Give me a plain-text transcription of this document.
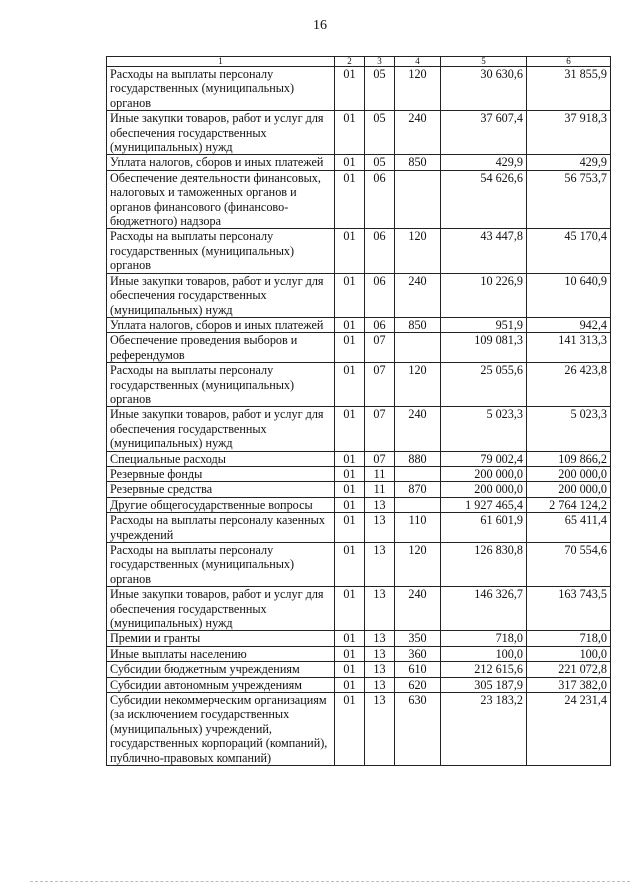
16
1	2	3	4	5	6
Расходы на выплаты персоналу государственных (муниципальных) органов	01	05	120	30 630,6	31 855,9
Иные закупки товаров, работ и услуг для обеспечения государственных (муниципальных) нужд	01	05	240	37 607,4	37 918,3
Уплата налогов, сборов и иных платежей	01	05	850	429,9	429,9
Обеспечение деятельности финансовых, налоговых и таможенных органов и органов финансового (финансово-бюджетного) надзора	01	06		54 626,6	56 753,7
Расходы на выплаты персоналу государственных (муниципальных) органов	01	06	120	43 447,8	45 170,4
Иные закупки товаров, работ и услуг для обеспечения государственных (муниципальных) нужд	01	06	240	10 226,9	10 640,9
Уплата налогов, сборов и иных платежей	01	06	850	951,9	942,4
Обеспечение проведения выборов и референдумов	01	07		109 081,3	141 313,3
Расходы на выплаты персоналу государственных (муниципальных) органов	01	07	120	25 055,6	26 423,8
Иные закупки товаров, работ и услуг для обеспечения государственных (муниципальных) нужд	01	07	240	5 023,3	5 023,3
Специальные расходы	01	07	880	79 002,4	109 866,2
Резервные фонды	01	11		200 000,0	200 000,0
Резервные средства	01	11	870	200 000,0	200 000,0
Другие общегосударственные вопросы	01	13		1 927 465,4	2 764 124,2
Расходы на выплаты персоналу казенных учреждений	01	13	110	61 601,9	65 411,4
Расходы на выплаты персоналу государственных (муниципальных) органов	01	13	120	126 830,8	70 554,6
Иные закупки товаров, работ и услуг для обеспечения государственных (муниципальных) нужд	01	13	240	146 326,7	163 743,5
Премии и гранты	01	13	350	718,0	718,0
Иные выплаты населению	01	13	360	100,0	100,0
Субсидии бюджетным учреждениям	01	13	610	212 615,6	221 072,8
Субсидии автономным учреждениям	01	13	620	305 187,9	317 382,0
Субсидии некоммерческим организациям (за исключением государственных (муниципальных) учреждений, государственных корпораций (компаний), публично-правовых компаний)	01	13	630	23 183,2	24 231,4
